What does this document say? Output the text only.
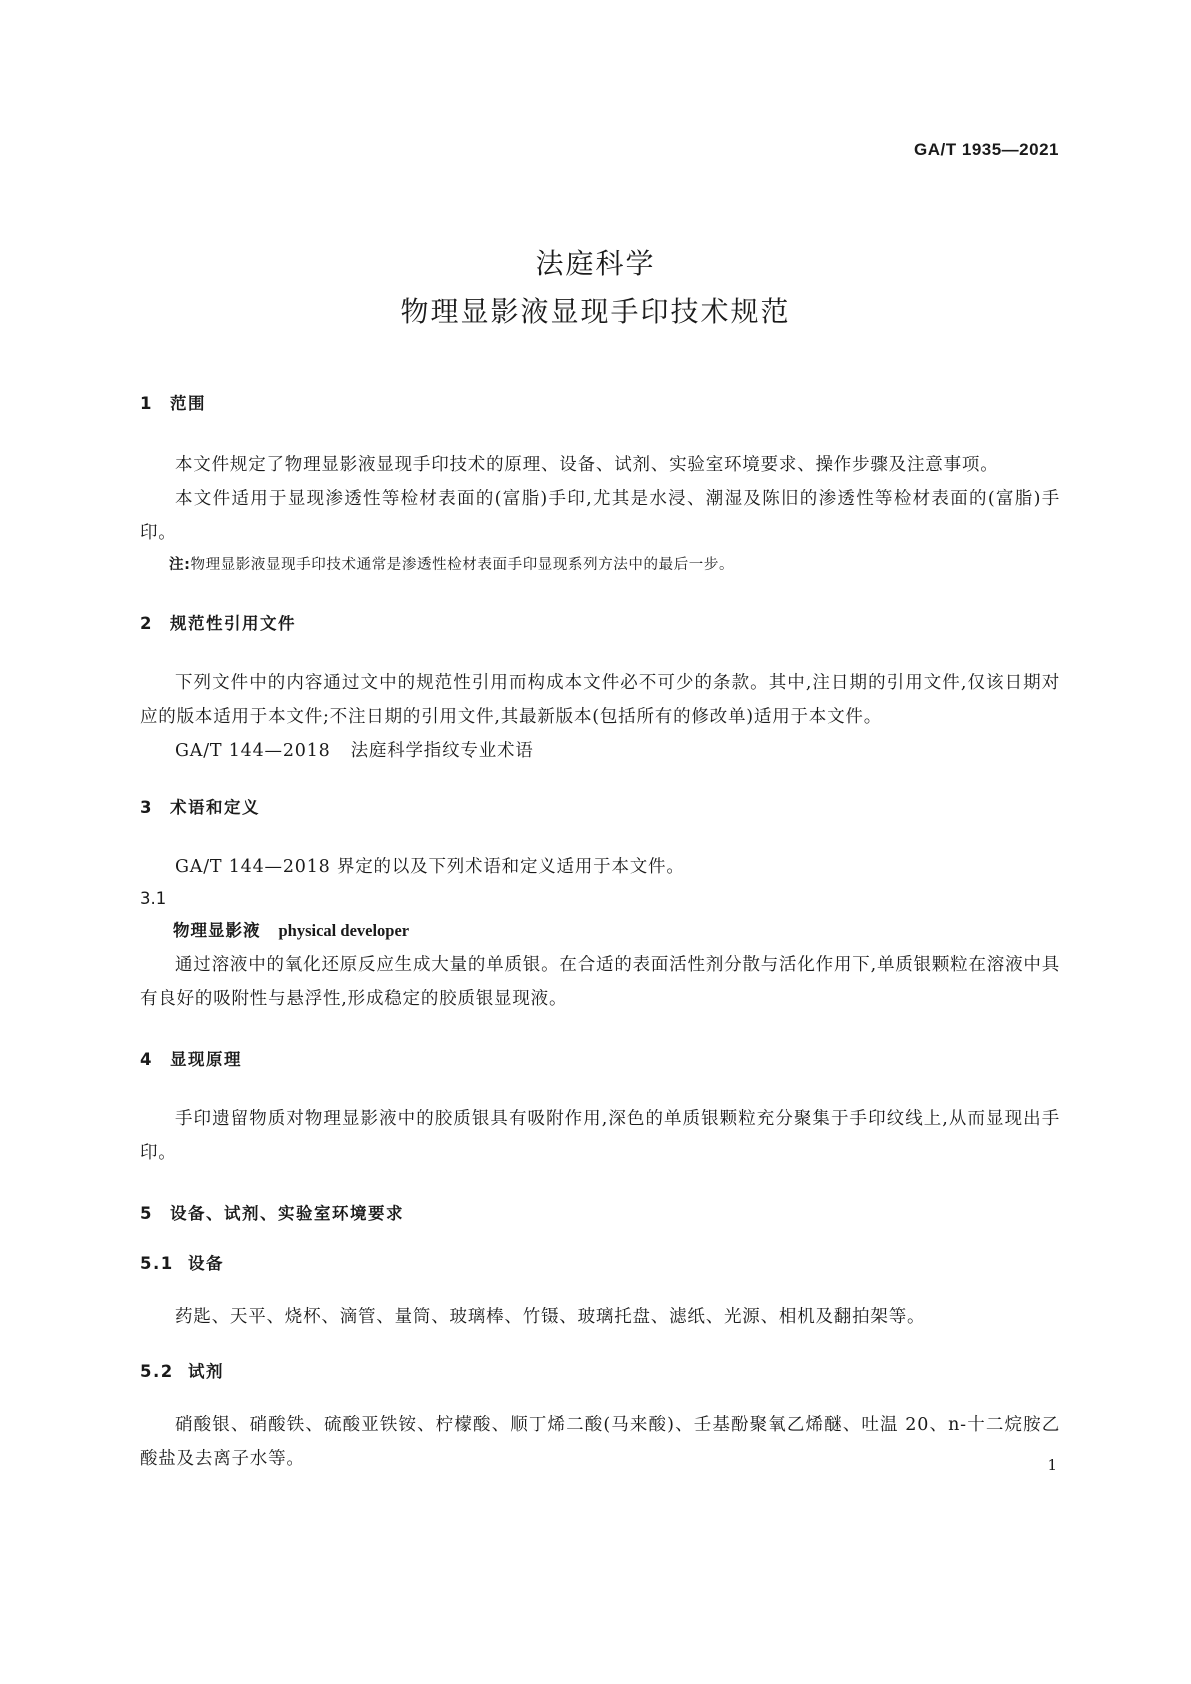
GA/T 1935—2021
法庭科学
物理显影液显现手印技术规范
1 范围

本文件规定了物理显影液显现手印技术的原理、设备、试剂、实验室环境要求、操作步骤及注意事项。

本文件适用于显现渗透性等检材表面的(富脂)手印,尤其是水浸、潮湿及陈旧的渗透性等检材表面的(富脂)手印。

注:物理显影液显现手印技术通常是渗透性检材表面手印显现系列方法中的最后一步。
2 规范性引用文件

下列文件中的内容通过文中的规范性引用而构成本文件必不可少的条款。其中,注日期的引用文件,仅该日期对应的版本适用于本文件;不注日期的引用文件,其最新版本(包括所有的修改单)适用于本文件。

GA/T 144—2018 法庭科学指纹专业术语

3 术语和定义

GA/T 144—2018 界定的以及下列术语和定义适用于本文件。

3.1
物理显影液 physical developer

通过溶液中的氧化还原反应生成大量的单质银。在合适的表面活性剂分散与活化作用下,单质银颗粒在溶液中具有良好的吸附性与悬浮性,形成稳定的胶质银显现液。

4 显现原理

手印遗留物质对物理显影液中的胶质银具有吸附作用,深色的单质银颗粒充分聚集于手印纹线上,从而显现出手印。

5 设备、试剂、实验室环境要求
5.1 设备

药匙、天平、烧杯、滴管、量筒、玻璃棒、竹镊、玻璃托盘、滤纸、光源、相机及翻拍架等。

5.2 试剂

硝酸银、硝酸铁、硫酸亚铁铵、柠檬酸、顺丁烯二酸(马来酸)、壬基酚聚氧乙烯醚、吐温 20、n-十二烷胺乙酸盐及去离子水等。	1
